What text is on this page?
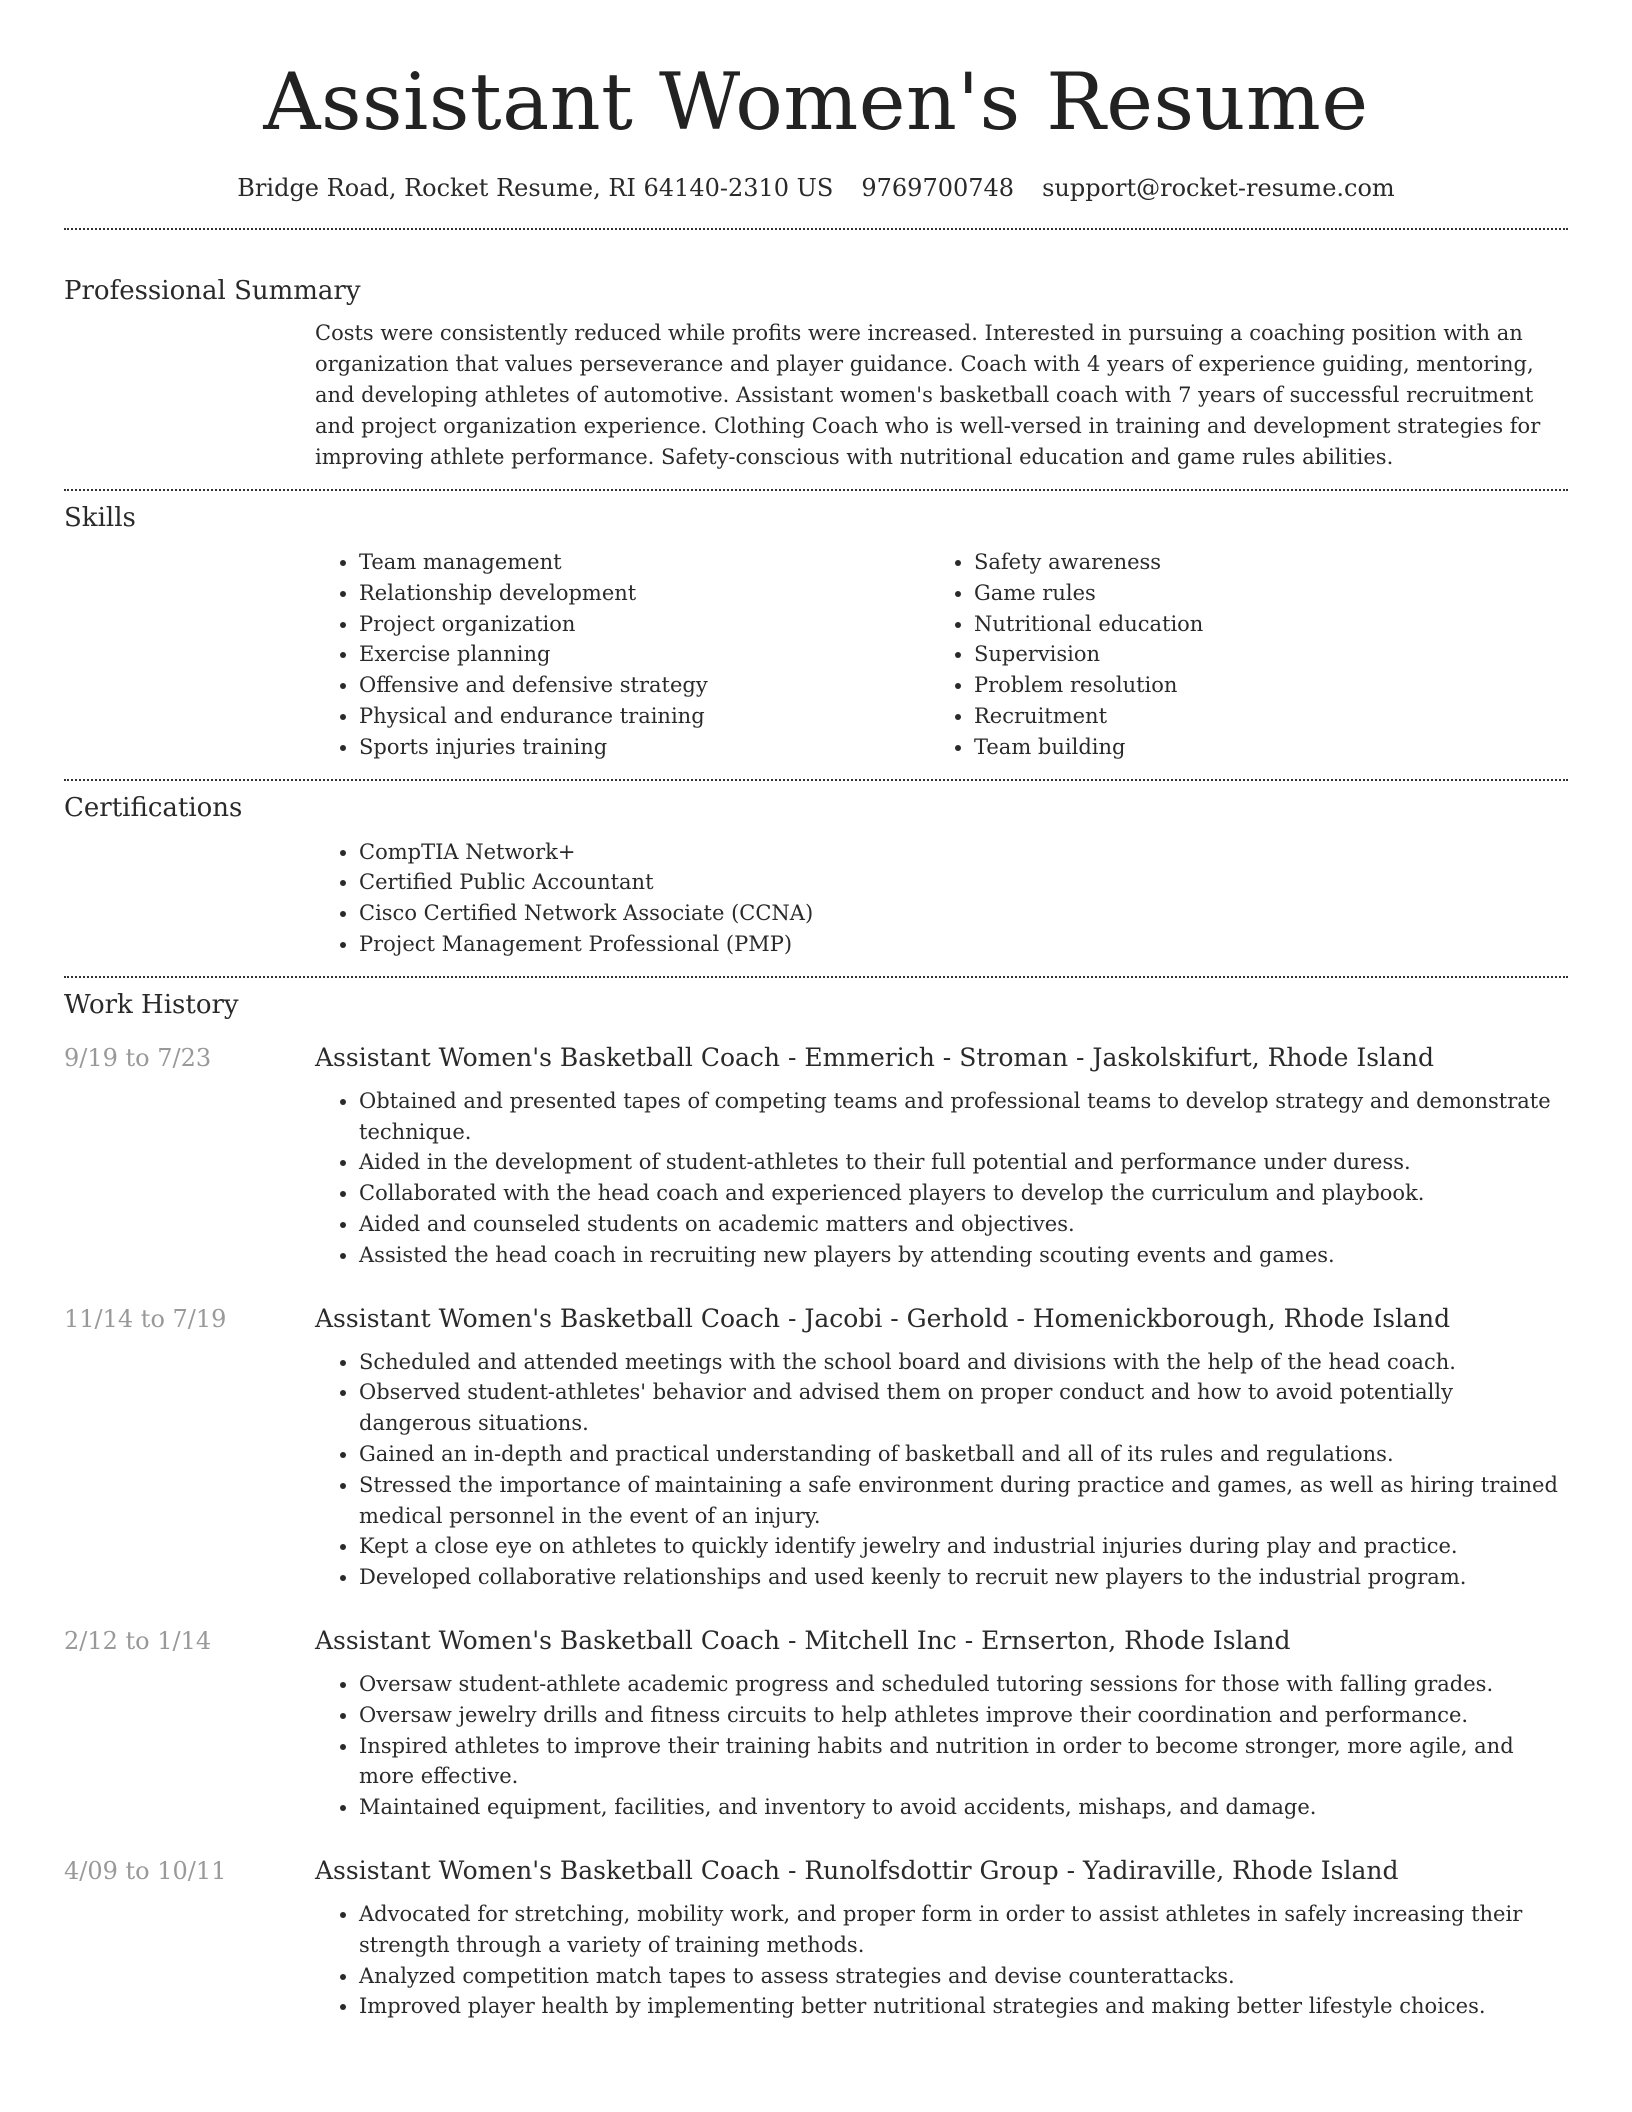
Assistant Women's Resume
Bridge Road, Rocket Resume, RI 64140-2310 US 9769700748 support@rocket-resume.com
Professional Summary

Costs were consistently reduced while profits were increased. Interested in pursuing a coaching position with an organization that values perseverance and player guidance. Coach with 4 years of experience guiding, mentoring, and developing athletes of automotive. Assistant women's basketball coach with 7 years of successful recruitment and project organization experience. Clothing Coach who is well-versed in training and development strategies for improving athlete performance. Safety-conscious with nutritional education and game rules abilities.

Skills
• Team management
• Relationship development
• Project organization
• Exercise planning
• Offensive and defensive strategy
• Physical and endurance training
• Sports injuries training
• Safety awareness
• Game rules
• Nutritional education
• Supervision
• Problem resolution
• Recruitment
• Team building
Certifications
• CompTIA Network+
• Certified Public Accountant
• Cisco Certified Network Associate (CCNA)
• Project Management Professional (PMP)
Work History
9/19 to 7/23	Assistant Women's Basketball Coach - Emmerich - Stroman - Jaskolskifurt, Rhode Island
• Obtained and presented tapes of competing teams and professional teams to develop strategy and demonstrate technique.
• Aided in the development of student-athletes to their full potential and performance under duress.
• Collaborated with the head coach and experienced players to develop the curriculum and playbook.
• Aided and counseled students on academic matters and objectives.
• Assisted the head coach in recruiting new players by attending scouting events and games.
11/14 to 7/19	Assistant Women's Basketball Coach - Jacobi - Gerhold - Homenickborough, Rhode Island
• Scheduled and attended meetings with the school board and divisions with the help of the head coach.
• Observed student-athletes' behavior and advised them on proper conduct and how to avoid potentially dangerous situations.
• Gained an in-depth and practical understanding of basketball and all of its rules and regulations.
• Stressed the importance of maintaining a safe environment during practice and games, as well as hiring trained medical personnel in the event of an injury.
• Kept a close eye on athletes to quickly identify jewelry and industrial injuries during play and practice.
• Developed collaborative relationships and used keenly to recruit new players to the industrial program.
2/12 to 1/14	Assistant Women's Basketball Coach - Mitchell Inc - Ernserton, Rhode Island
• Oversaw student-athlete academic progress and scheduled tutoring sessions for those with falling grades.
• Oversaw jewelry drills and fitness circuits to help athletes improve their coordination and performance.
• Inspired athletes to improve their training habits and nutrition in order to become stronger, more agile, and more effective.
• Maintained equipment, facilities, and inventory to avoid accidents, mishaps, and damage.
4/09 to 10/11	Assistant Women's Basketball Coach - Runolfsdottir Group - Yadiraville, Rhode Island
• Advocated for stretching, mobility work, and proper form in order to assist athletes in safely increasing their strength through a variety of training methods.
• Analyzed competition match tapes to assess strategies and devise counterattacks.
• Improved player health by implementing better nutritional strategies and making better lifestyle choices.
